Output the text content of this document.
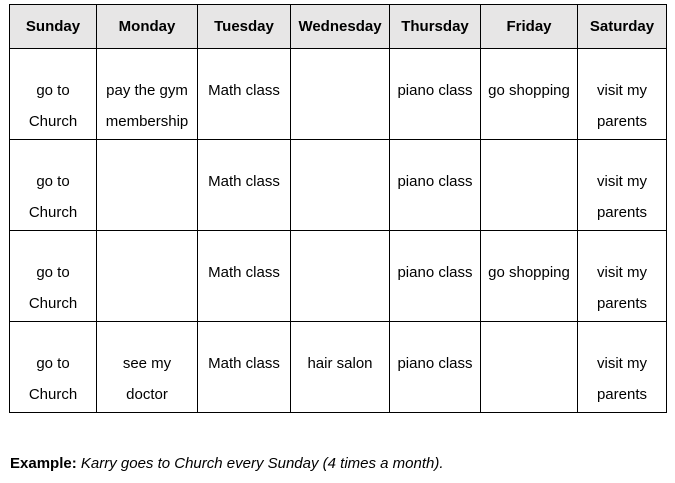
Sunday	Monday	Tuesday	Wednesday	Thursday	Friday	Saturday
go to Church	pay the gym membership	Math class		piano class	go shopping	visit my parents
go to Church		Math class		piano class		visit my parents
go to Church		Math class		piano class	go shopping	visit my parents
go to Church	see my doctor	Math class	hair salon	piano class		visit my parents
Example: Karry goes to Church every Sunday (4 times a month).
